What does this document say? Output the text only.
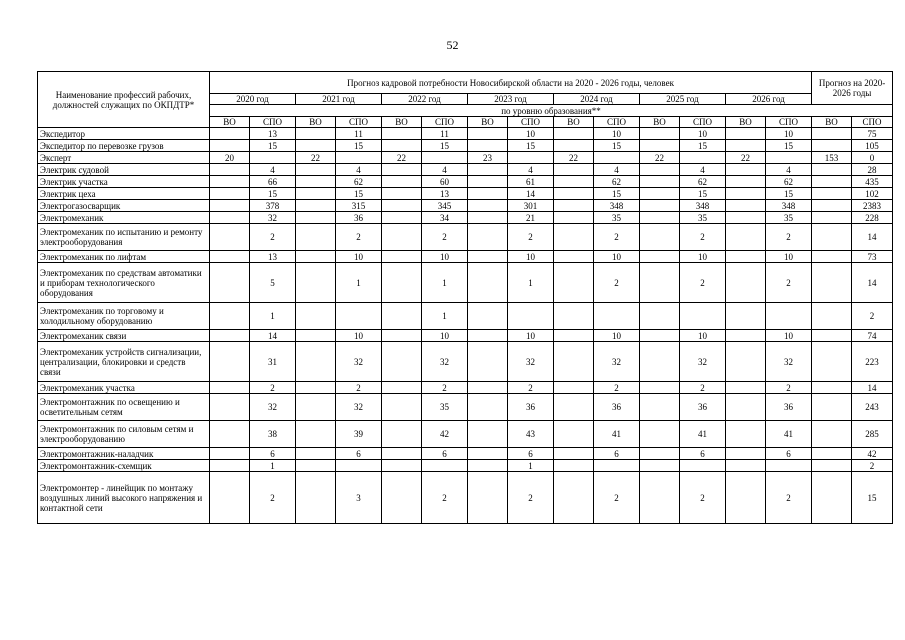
52
Наименование профессий рабочих, должностей служащих по ОКПДТР*	Прогноз кадровой потребности Новосибирской области на 2020 - 2026 годы, человек														Прогноз на 2020-2026 годы	
	2020 год		2021 год		2022 год		2023 год		2024 год		2025 год		2026 год			
	по уровню образования**															
	ВО	СПО	ВО	СПО	ВО	СПО	ВО	СПО	ВО	СПО	ВО	СПО	ВО	СПО	ВО	СПО
Экспедитор		13		11		11		10		10		10		10		75
Экспедитор по перевозке грузов		15		15		15		15		15		15		15		105
Эксперт	20		22		22		23		22		22		22		153	0
Электрик судовой		4		4		4		4		4		4		4		28
Электрик участка		66		62		60		61		62		62		62		435
Электрик цеха		15		15		13		14		15		15		15		102
Электрогазосварщик		378		315		345		301		348		348		348		2383
Электромеханик		32		36		34		21		35		35		35		228
Электромеханик по испытанию и ремонту электрооборудования		2		2		2		2		2		2		2		14
Электромеханик по лифтам		13		10		10		10		10		10		10		73
Электромеханик по средствам автоматики и приборам технологического оборудования		5		1		1		1		2		2		2		14
Электромеханик по торговому и холодильному оборудованию		1				1										2
Электромеханик связи		14		10		10		10		10		10		10		74
Электромеханик устройств сигнализации, централизации, блокировки и средств связи		31		32		32		32		32		32		32		223
Электромеханик участка		2		2		2		2		2		2		2		14
Электромонтажник по освещению и осветительным сетям		32		32		35		36		36		36		36		243
Электромонтажник по силовым сетям и электрооборудованию		38		39		42		43		41		41		41		285
Электромонтажник-наладчик		6		6		6		6		6		6		6		42
Электромонтажник-схемщик		1						1								2
Электромонтер - линейщик по монтажу воздушных линий высокого напряжения и контактной сети		2		3		2		2		2		2		2		15
